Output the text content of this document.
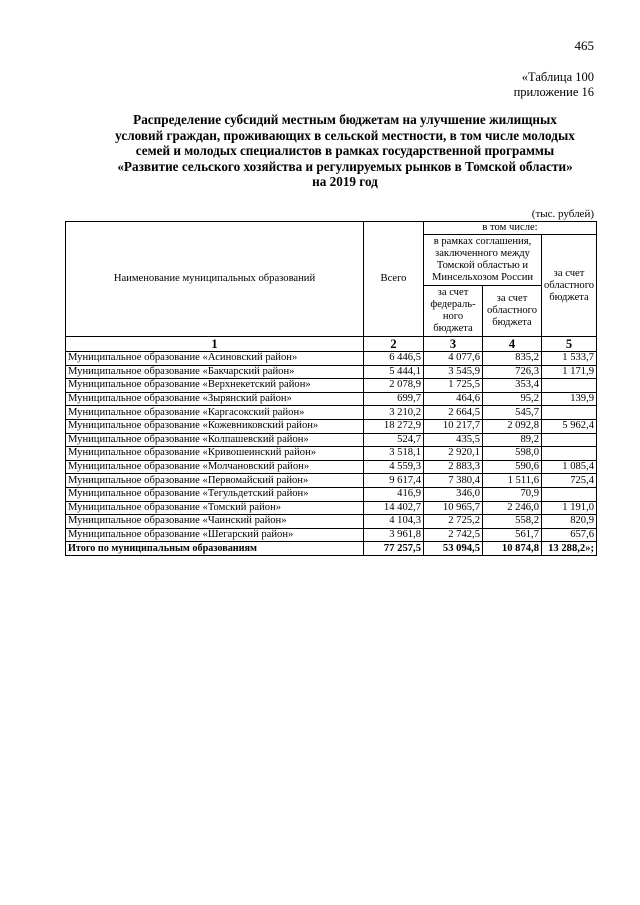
465
«Таблица 100
приложение 16
Распределение субсидий местным бюджетам на улучшение жилищных
условий граждан, проживающих в сельской местности, в том числе молодых
семей и молодых специалистов в рамках государственной программы
«Развитие сельского хозяйства и регулируемых рынков в Томской области»
на 2019 год
(тыс. рублей)
Наименование муниципальных образований	Всего	в том числе:		
		в рамках соглашения, заключенного между Томской областью и Минсельхозом России		за счет областного бюджета
		за счет федераль-ного бюджета	за счет областного бюджета	
1	2	3	4	5
Муниципальное образование «Асиновский район»	6 446,5	4 077,6	835,2	1 533,7
Муниципальное образование «Бакчарский район»	5 444,1	3 545,9	726,3	1 171,9
Муниципальное образование «Верхнекетский район»	2 078,9	1 725,5	353,4	
Муниципальное образование «Зырянский район»	699,7	464,6	95,2	139,9
Муниципальное образование «Каргасокский район»	3 210,2	2 664,5	545,7	
Муниципальное образование «Кожевниковский район»	18 272,9	10 217,7	2 092,8	5 962,4
Муниципальное образование «Колпашевский район»	524,7	435,5	89,2	
Муниципальное образование «Кривошеинский район»	3 518,1	2 920,1	598,0	
Муниципальное образование «Молчановский район»	4 559,3	2 883,3	590,6	1 085,4
Муниципальное образование «Первомайский район»	9 617,4	7 380,4	1 511,6	725,4
Муниципальное образование «Тегульдетский район»	416,9	346,0	70,9	
Муниципальное образование «Томский район»	14 402,7	10 965,7	2 246,0	1 191,0
Муниципальное образование «Чаинский район»	4 104,3	2 725,2	558,2	820,9
Муниципальное образование «Шегарский район»	3 961,8	2 742,5	561,7	657,6
Итого по муниципальным образованиям	77 257,5	53 094,5	10 874,8	13 288,2»;
